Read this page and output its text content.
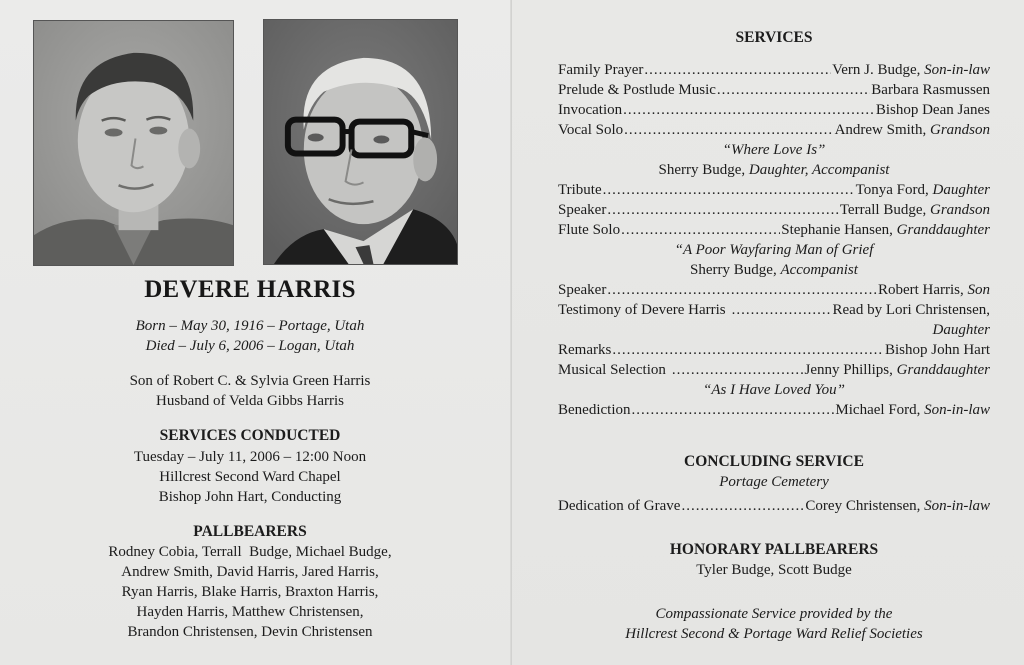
DEVERE HARRIS
Born – May 30, 1916 – Portage, Utah
Died – July 6, 2006 – Logan, Utah
Son of Robert C. & Sylvia Green Harris
Husband of Velda Gibbs Harris
SERVICES CONDUCTED
Tuesday – July 11, 2006 – 12:00 Noon
Hillcrest Second Ward Chapel
Bishop John Hart, Conducting
PALLBEARERS
Rodney Cobia, Terrall  Budge, Michael Budge,
Andrew Smith, David Harris, Jared Harris,
Ryan Harris, Blake Harris, Braxton Harris,
Hayden Harris, Matthew Christensen,
Brandon Christensen, Devin Christensen
SERVICES
Family Prayer .....	Vern J. Budge, Son-in-law
Prelude & Postlude Music .....	Barbara Rasmussen
Invocation .....	Bishop Dean Janes
Vocal Solo .....	Andrew Smith, Grandson
“Where Love Is”
Sherry Budge, Daughter, Accompanist
Tribute .....	Tonya Ford, Daughter
Speaker .....	Terrall Budge, Grandson
Flute Solo .....	Stephanie Hansen, Granddaughter
“A Poor Wayfaring Man of Grief
Sherry Budge, Accompanist
Speaker .....	Robert Harris, Son
Testimony of Devere Harris .....	Read by Lori Christensen,
Daughter
Remarks .....	Bishop John Hart
Musical Selection .....	Jenny Phillips, Granddaughter
“As I Have Loved You”
Benediction .....	Michael Ford, Son-in-law
CONCLUDING SERVICE
Portage Cemetery
Dedication of Grave .....	Corey Christensen, Son-in-law
HONORARY PALLBEARERS
Tyler Budge, Scott Budge
Compassionate Service provided by the
Hillcrest Second & Portage Ward Relief Societies
